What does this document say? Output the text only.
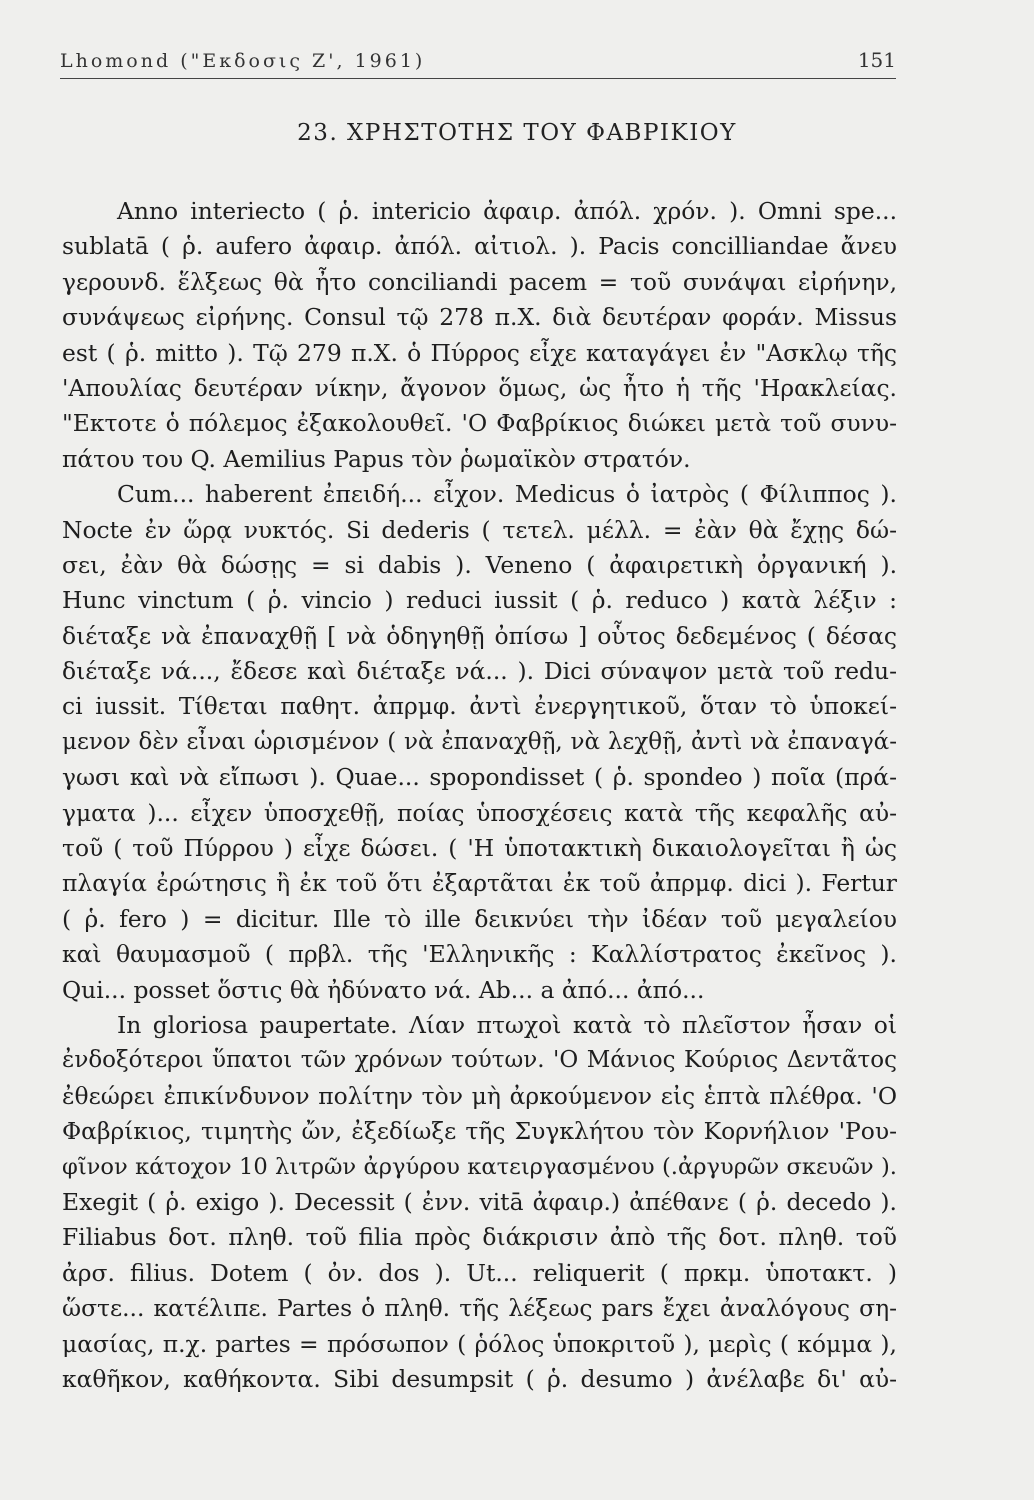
Lhomond ("Εκδοσις Ζ', 1961)	151
23. ΧΡΗΣΤΟΤΗΣ ΤΟΥ ΦΑΒΡΙΚΙΟΥ
Anno interiecto ( ῥ. intericio ἀφαιρ. ἀπόλ. χρόν. ). Omni spe...
sublatā ( ῥ. aufero ἀφαιρ. ἀπόλ. αἰτιολ. ). Pacis concilliandae ἄνευ
γερουνδ. ἕλξεως θὰ ἦτο conciliandi pacem = τοῦ συνάψαι εἰρήνην,
συνάψεως εἰρήνης. Consul τῷ 278 π.Χ. διὰ δευτέραν φοράν. Missus
est ( ῥ. mitto ). Τῷ 279 π.Χ. ὁ Πύρρος εἶχε καταγάγει ἐν "Ασκλῳ τῆς
'Απουλίας δευτέραν νίκην, ἄγονον ὅμως, ὡς ἦτο ἡ τῆς 'Ηρακλείας.
"Εκτοτε ὁ πόλεμος ἐξακολουθεῖ. 'Ο Φαβρίκιος διώκει μετὰ τοῦ συνυ-
πάτου του Q. Aemilius Papus τὸν ῥωμαϊκὸν στρατόν.
Cum... haberent ἐπειδή... εἶχον. Medicus ὁ ἰατρὸς ( Φίλιππος ).
Nocte ἐν ὥρᾳ νυκτός. Si dederis ( τετελ. μέλλ. = ἐὰν θὰ ἔχῃς δώ-
σει, ἐὰν θὰ δώσῃς = si dabis ). Veneno ( ἀφαιρετικὴ ὀργανική ).
Hunc vinctum ( ῥ. vincio ) reduci iussit ( ῥ. reduco ) κατὰ λέξιν :
διέταξε νὰ ἐπαναχθῇ [ νὰ ὁδηγηθῇ ὀπίσω ] οὗτος δεδεμένος ( δέσας
διέταξε νά..., ἔδεσε καὶ διέταξε νά... ). Dici σύναψον μετὰ τοῦ redu-
ci iussit. Τίθεται παθητ. ἀπρμφ. ἀντὶ ἐνεργητικοῦ, ὅταν τὸ ὑποκεί-
μενον δὲν εἶναι ὡρισμένον ( νὰ ἐπαναχθῇ, νὰ λεχθῇ, ἀντὶ νὰ ἐπαναγά-
γωσι καὶ νὰ εἴπωσι ). Quae... spopondisset ( ῥ. spondeo ) ποῖα (πρά-
γματα )... εἶχεν ὑποσχεθῇ, ποίας ὑποσχέσεις κατὰ τῆς κεφαλῆς αὐ-
τοῦ ( τοῦ Πύρρου ) εἶχε δώσει. ( 'Η ὑποτακτικὴ δικαιολογεῖται ἢ ὡς
πλαγία ἐρώτησις ἢ ἐκ τοῦ ὅτι ἐξαρτᾶται ἐκ τοῦ ἀπρμφ. dici ). Fertur
( ῥ. fero ) = dicitur. Ille τὸ ille δεικνύει τὴν ἰδέαν τοῦ μεγαλείου
καὶ θαυμασμοῦ ( πρβλ. τῆς 'Ελληνικῆς : Καλλίστρατος ἐκεῖνος ).
Qui... posset ὅστις θὰ ἠδύνατο νά. Ab... a ἀπό... ἀπό...
In gloriosa paupertate. Λίαν πτωχοὶ κατὰ τὸ πλεῖστον ἦσαν οἱ
ἐνδοξότεροι ὕπατοι τῶν χρόνων τούτων. 'Ο Μάνιος Κούριος Δεντᾶτος
ἐθεώρει ἐπικίνδυνον πολίτην τὸν μὴ ἀρκούμενον εἰς ἑπτὰ πλέθρα. 'Ο
Φαβρίκιος, τιμητὴς ὤν, ἐξεδίωξε τῆς Συγκλήτου τὸν Κορνήλιον 'Ρου-
φῖνον κάτοχον 10 λιτρῶν ἀργύρου κατειργασμένου (.ἀργυρῶν σκευῶν ).
Exegit ( ῥ. exigo ). Decessit ( ἐνν. vitā ἀφαιρ.) ἀπέθανε ( ῥ. decedo ).
Filiabus δοτ. πληθ. τοῦ filia πρὸς διάκρισιν ἀπὸ τῆς δοτ. πληθ. τοῦ
ἀρσ. filius. Dotem ( ὀν. dos ). Ut... reliquerit ( πρκμ. ὑποτακτ. )
ὥστε... κατέλιπε. Partes ὁ πληθ. τῆς λέξεως pars ἔχει ἀναλόγους ση-
μασίας, π.χ. partes = πρόσωπον ( ῥόλος ὑποκριτοῦ ), μερὶς ( κόμμα ),
καθῆκον, καθήκοντα. Sibi desumpsit ( ῥ. desumo ) ἀνέλαβε δι' αὐ-
